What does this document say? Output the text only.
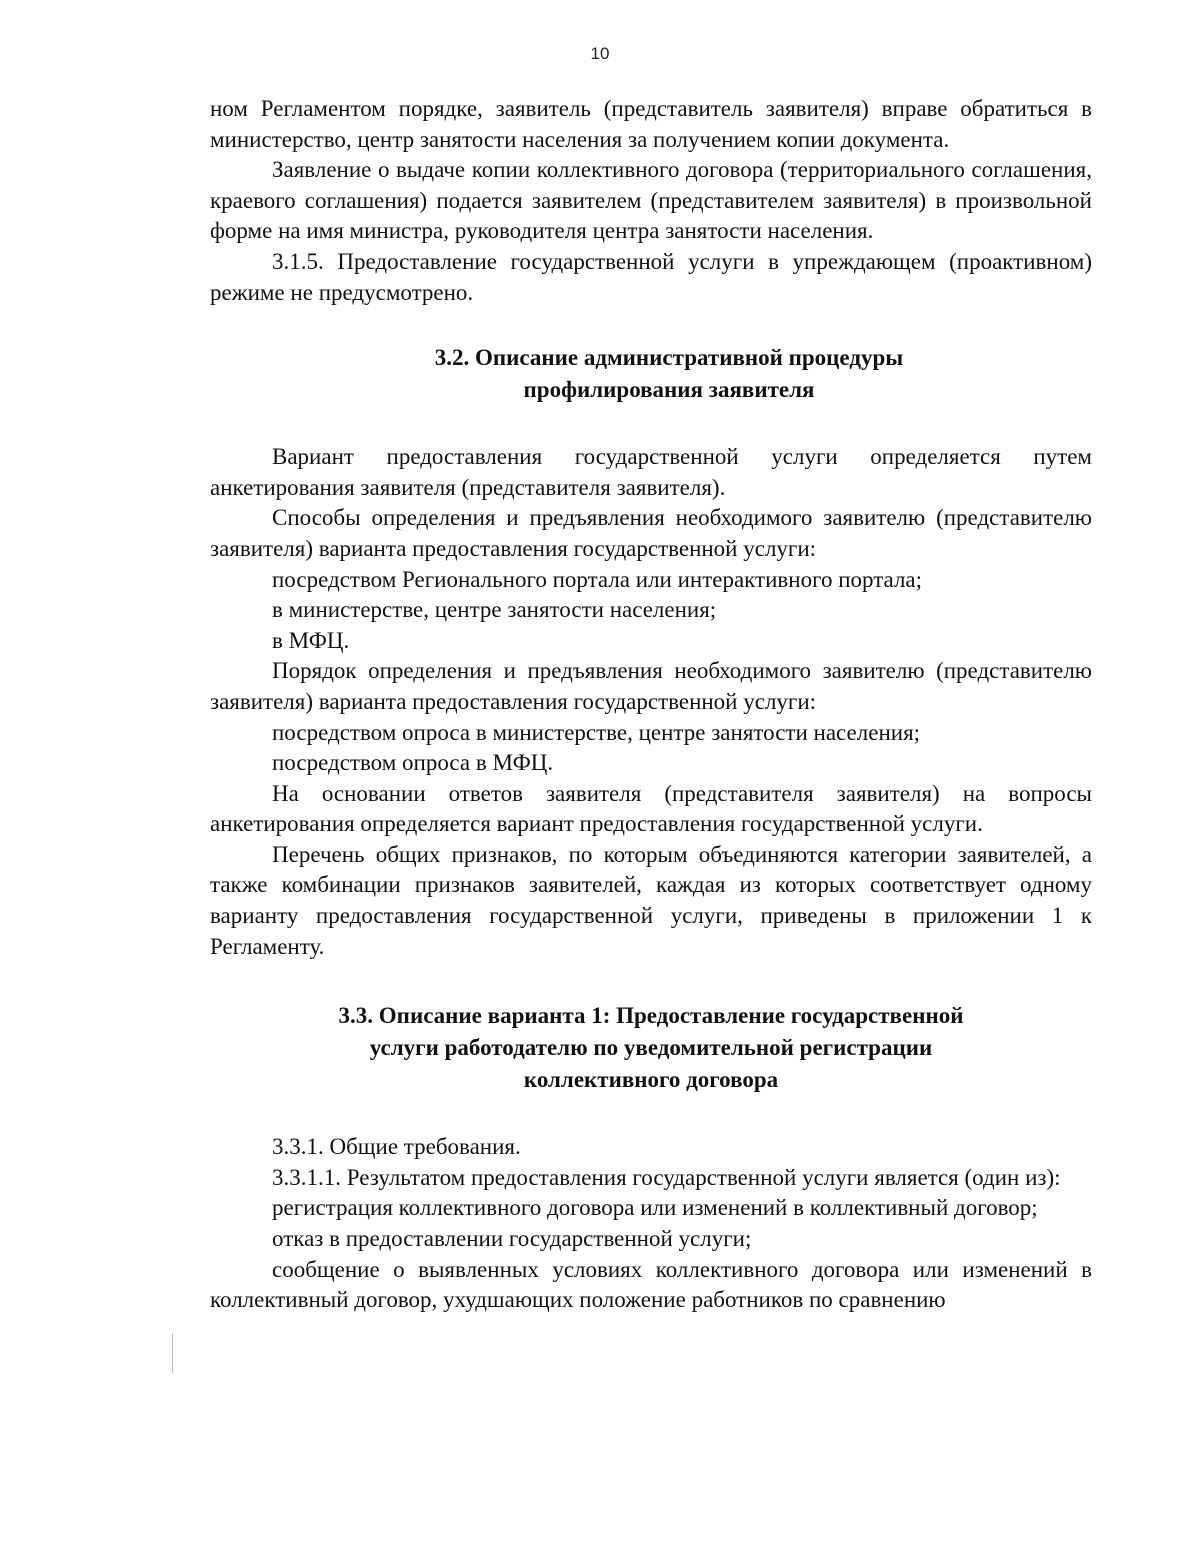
10

ном Регламентом порядке, заявитель (представитель заявителя) вправе обратиться в министерство, центр занятости населения за получением копии документа.

Заявление о выдаче копии коллективного договора (территориального соглашения, краевого соглашения) подается заявителем (представителем заявителя) в произвольной форме на имя министра, руководителя центра занятости населения.

3.1.5. Предоставление государственной услуги в упреждающем (проактивном) режиме не предусмотрено.

3.2. Описание административной процедуры
профилирования заявителя

Вариант предоставления государственной услуги определяется путем анкетирования заявителя (представителя заявителя).

Способы определения и предъявления необходимого заявителю (представителю заявителя) варианта предоставления государственной услуги:

посредством Регионального портала или интерактивного портала;

в министерстве, центре занятости населения;

в МФЦ.

Порядок определения и предъявления необходимого заявителю (представителю заявителя) варианта предоставления государственной услуги:

посредством опроса в министерстве, центре занятости населения;

посредством опроса в МФЦ.

На основании ответов заявителя (представителя заявителя) на вопросы анкетирования определяется вариант предоставления государственной услуги.

Перечень общих признаков, по которым объединяются категории заявителей, а также комбинации признаков заявителей, каждая из которых соответствует одному варианту предоставления государственной услуги, приведены в приложении 1 к Регламенту.

3.3. Описание варианта 1: Предоставление государственной
услуги работодателю по уведомительной регистрации
коллективного договора

3.3.1. Общие требования.

3.3.1.1. Результатом предоставления государственной услуги является (один из):

регистрация коллективного договора или изменений в коллективный договор;

отказ в предоставлении государственной услуги;

сообщение о выявленных условиях коллективного договора или изменений в коллективный договор, ухудшающих положение работников по сравнению
